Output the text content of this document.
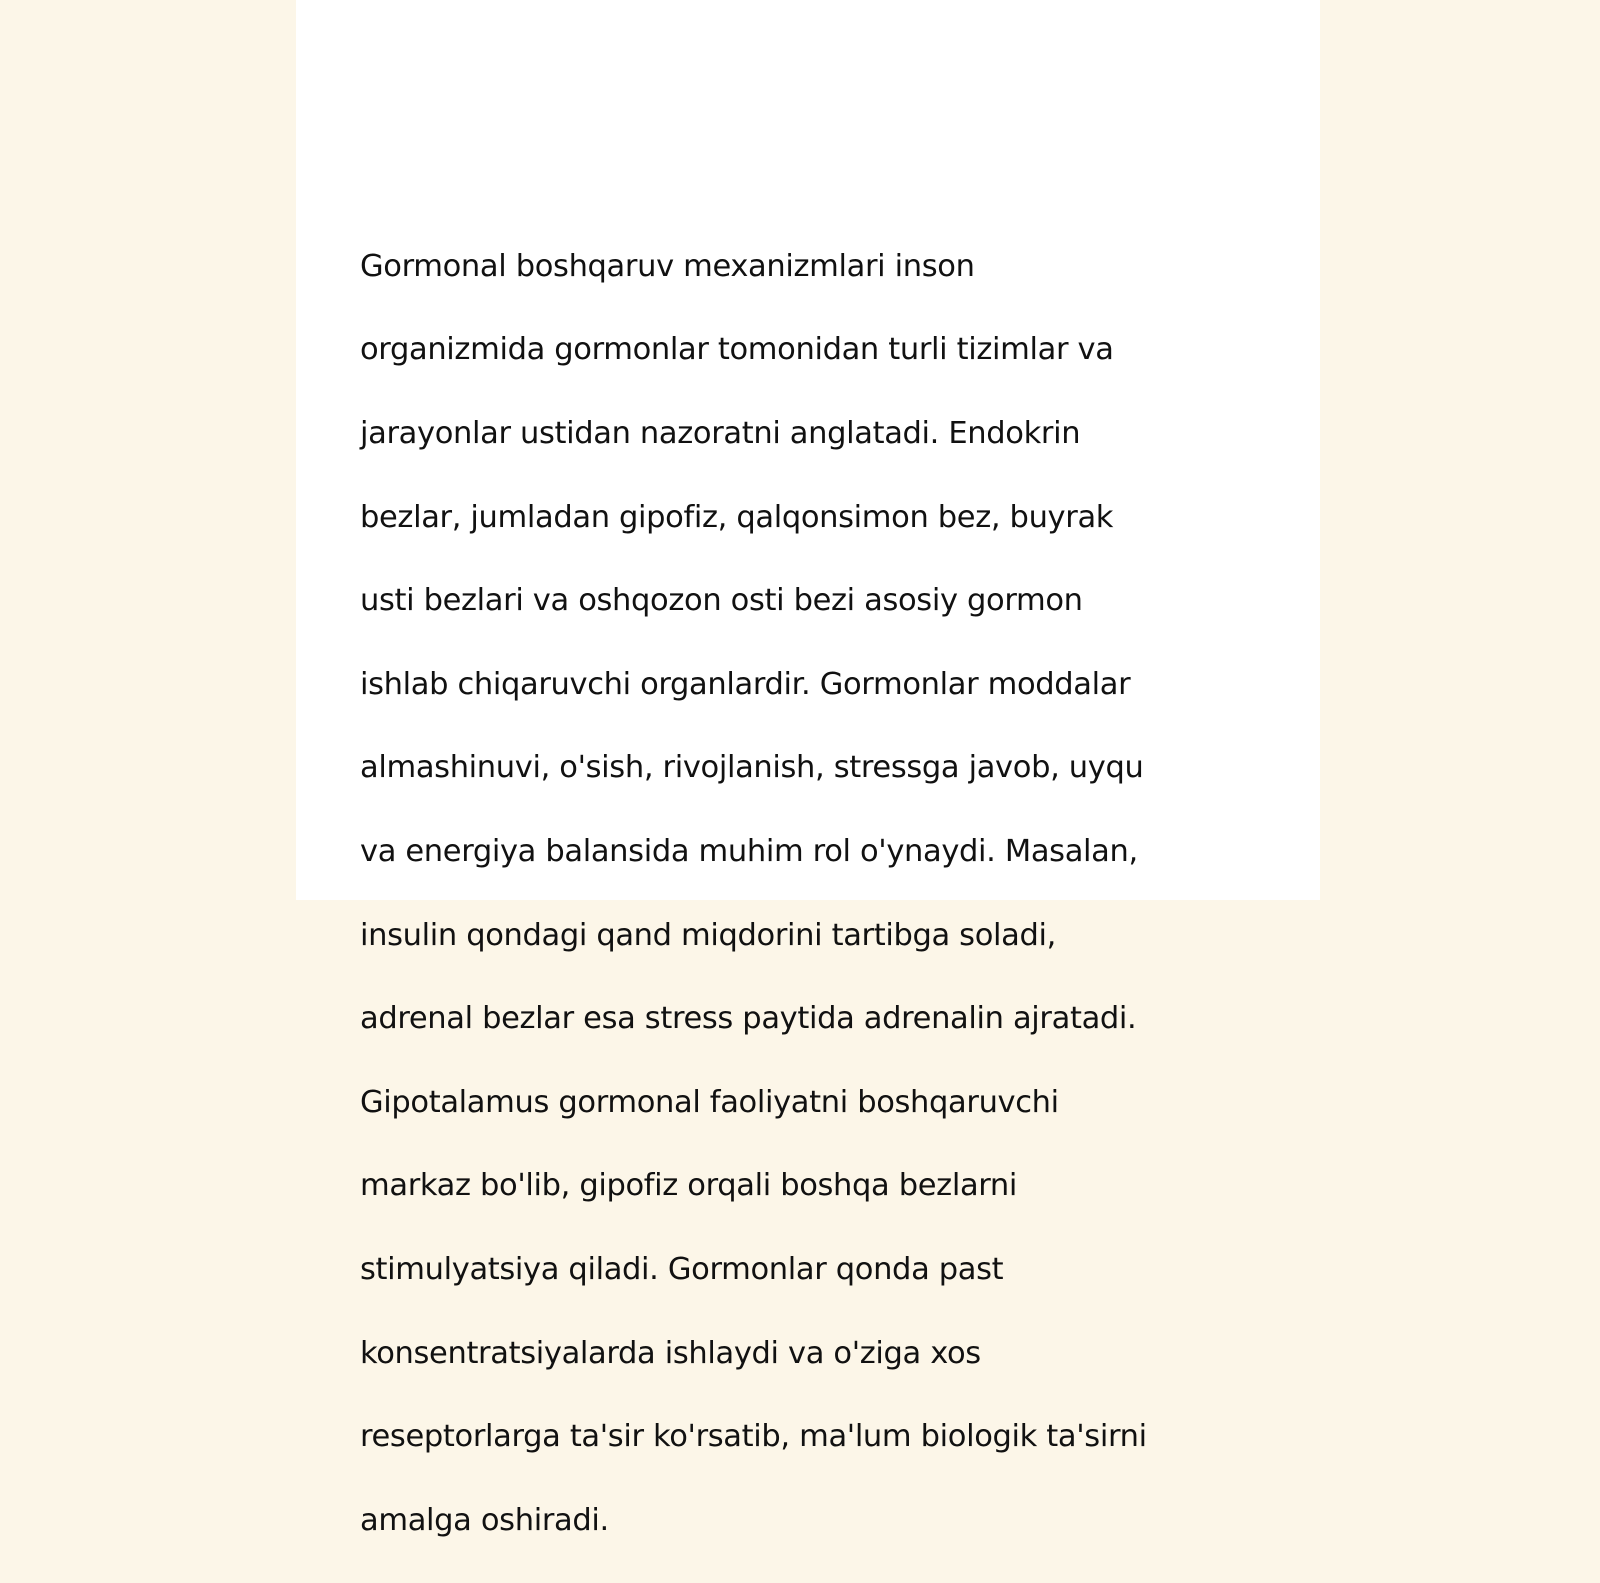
Gormonal boshqaruv mexanizmlari inson

organizmida gormonlar tomonidan turli tizimlar va

jarayonlar ustidan nazoratni anglatadi. Endokrin

bezlar, jumladan gipofiz, qalqonsimon bez, buyrak

usti bezlari va oshqozon osti bezi asosiy gormon

ishlab chiqaruvchi organlardir. Gormonlar moddalar

almashinuvi, o'sish, rivojlanish, stressga javob, uyqu

va energiya balansida muhim rol o'ynaydi. Masalan,

insulin qondagi qand miqdorini tartibga soladi,

adrenal bezlar esa stress paytida adrenalin ajratadi.

Gipotalamus gormonal faoliyatni boshqaruvchi

markaz bo'lib, gipofiz orqali boshqa bezlarni

stimulyatsiya qiladi. Gormonlar qonda past

konsentratsiyalarda ishlaydi va o'ziga xos

reseptorlarga ta'sir ko'rsatib, ma'lum biologik ta'sirni

amalga oshiradi.
